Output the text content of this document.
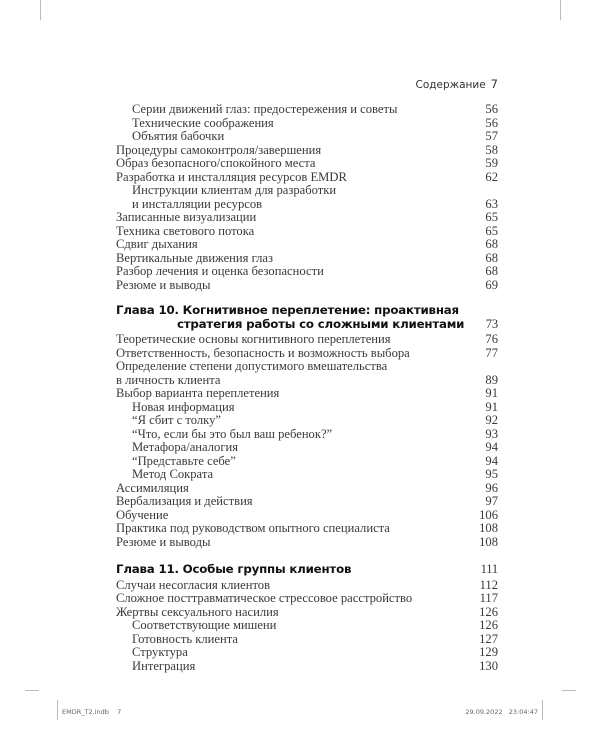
Содержание 7
Серии движений глаз: предостережения и советы	56
Технические соображения	56
Объятия бабочки	57
Процедуры самоконтроля/завершения	58
Образ безопасного/спокойного места	59
Разработка и инсталляция ресурсов EMDR	62
Инструкции клиентам для разработки
и инсталляции ресурсов	63
Записанные визуализации	65
Техника светового потока	65
Сдвиг дыхания	68
Вертикальные движения глаз	68
Разбор лечения и оценка безопасности	68
Резюме и выводы	69
Глава 10. Когнитивное переплетение: проактивная
стратегия работы со сложными клиентами 73
Теоретические основы когнитивного переплетения	76
Ответственность, безопасность и возможность выбора	77
Определение степени допустимого вмешательства
в личность клиента	89
Выбор варианта переплетения	91
Новая информация	91
“Я сбит с толку”	92
“Что, если бы это был ваш ребенок?”	93
Метафора/аналогия	94
“Представьте себе”	94
Метод Сократа	95
Ассимиляция	96
Вербализация и действия	97
Обучение	106
Практика под руководством опытного специалиста	108
Резюме и выводы	108
Глава 11. Особые группы клиентов	111
Случаи несогласия клиентов	112
Сложное посттравматическое стрессовое расстройство	117
Жертвы сексуального насилия	126
Соответствующие мишени	126
Готовность клиента	127
Структура	129
Интеграция	130
EMDR_T2.indb 7	29.09.2022 23:04:47
